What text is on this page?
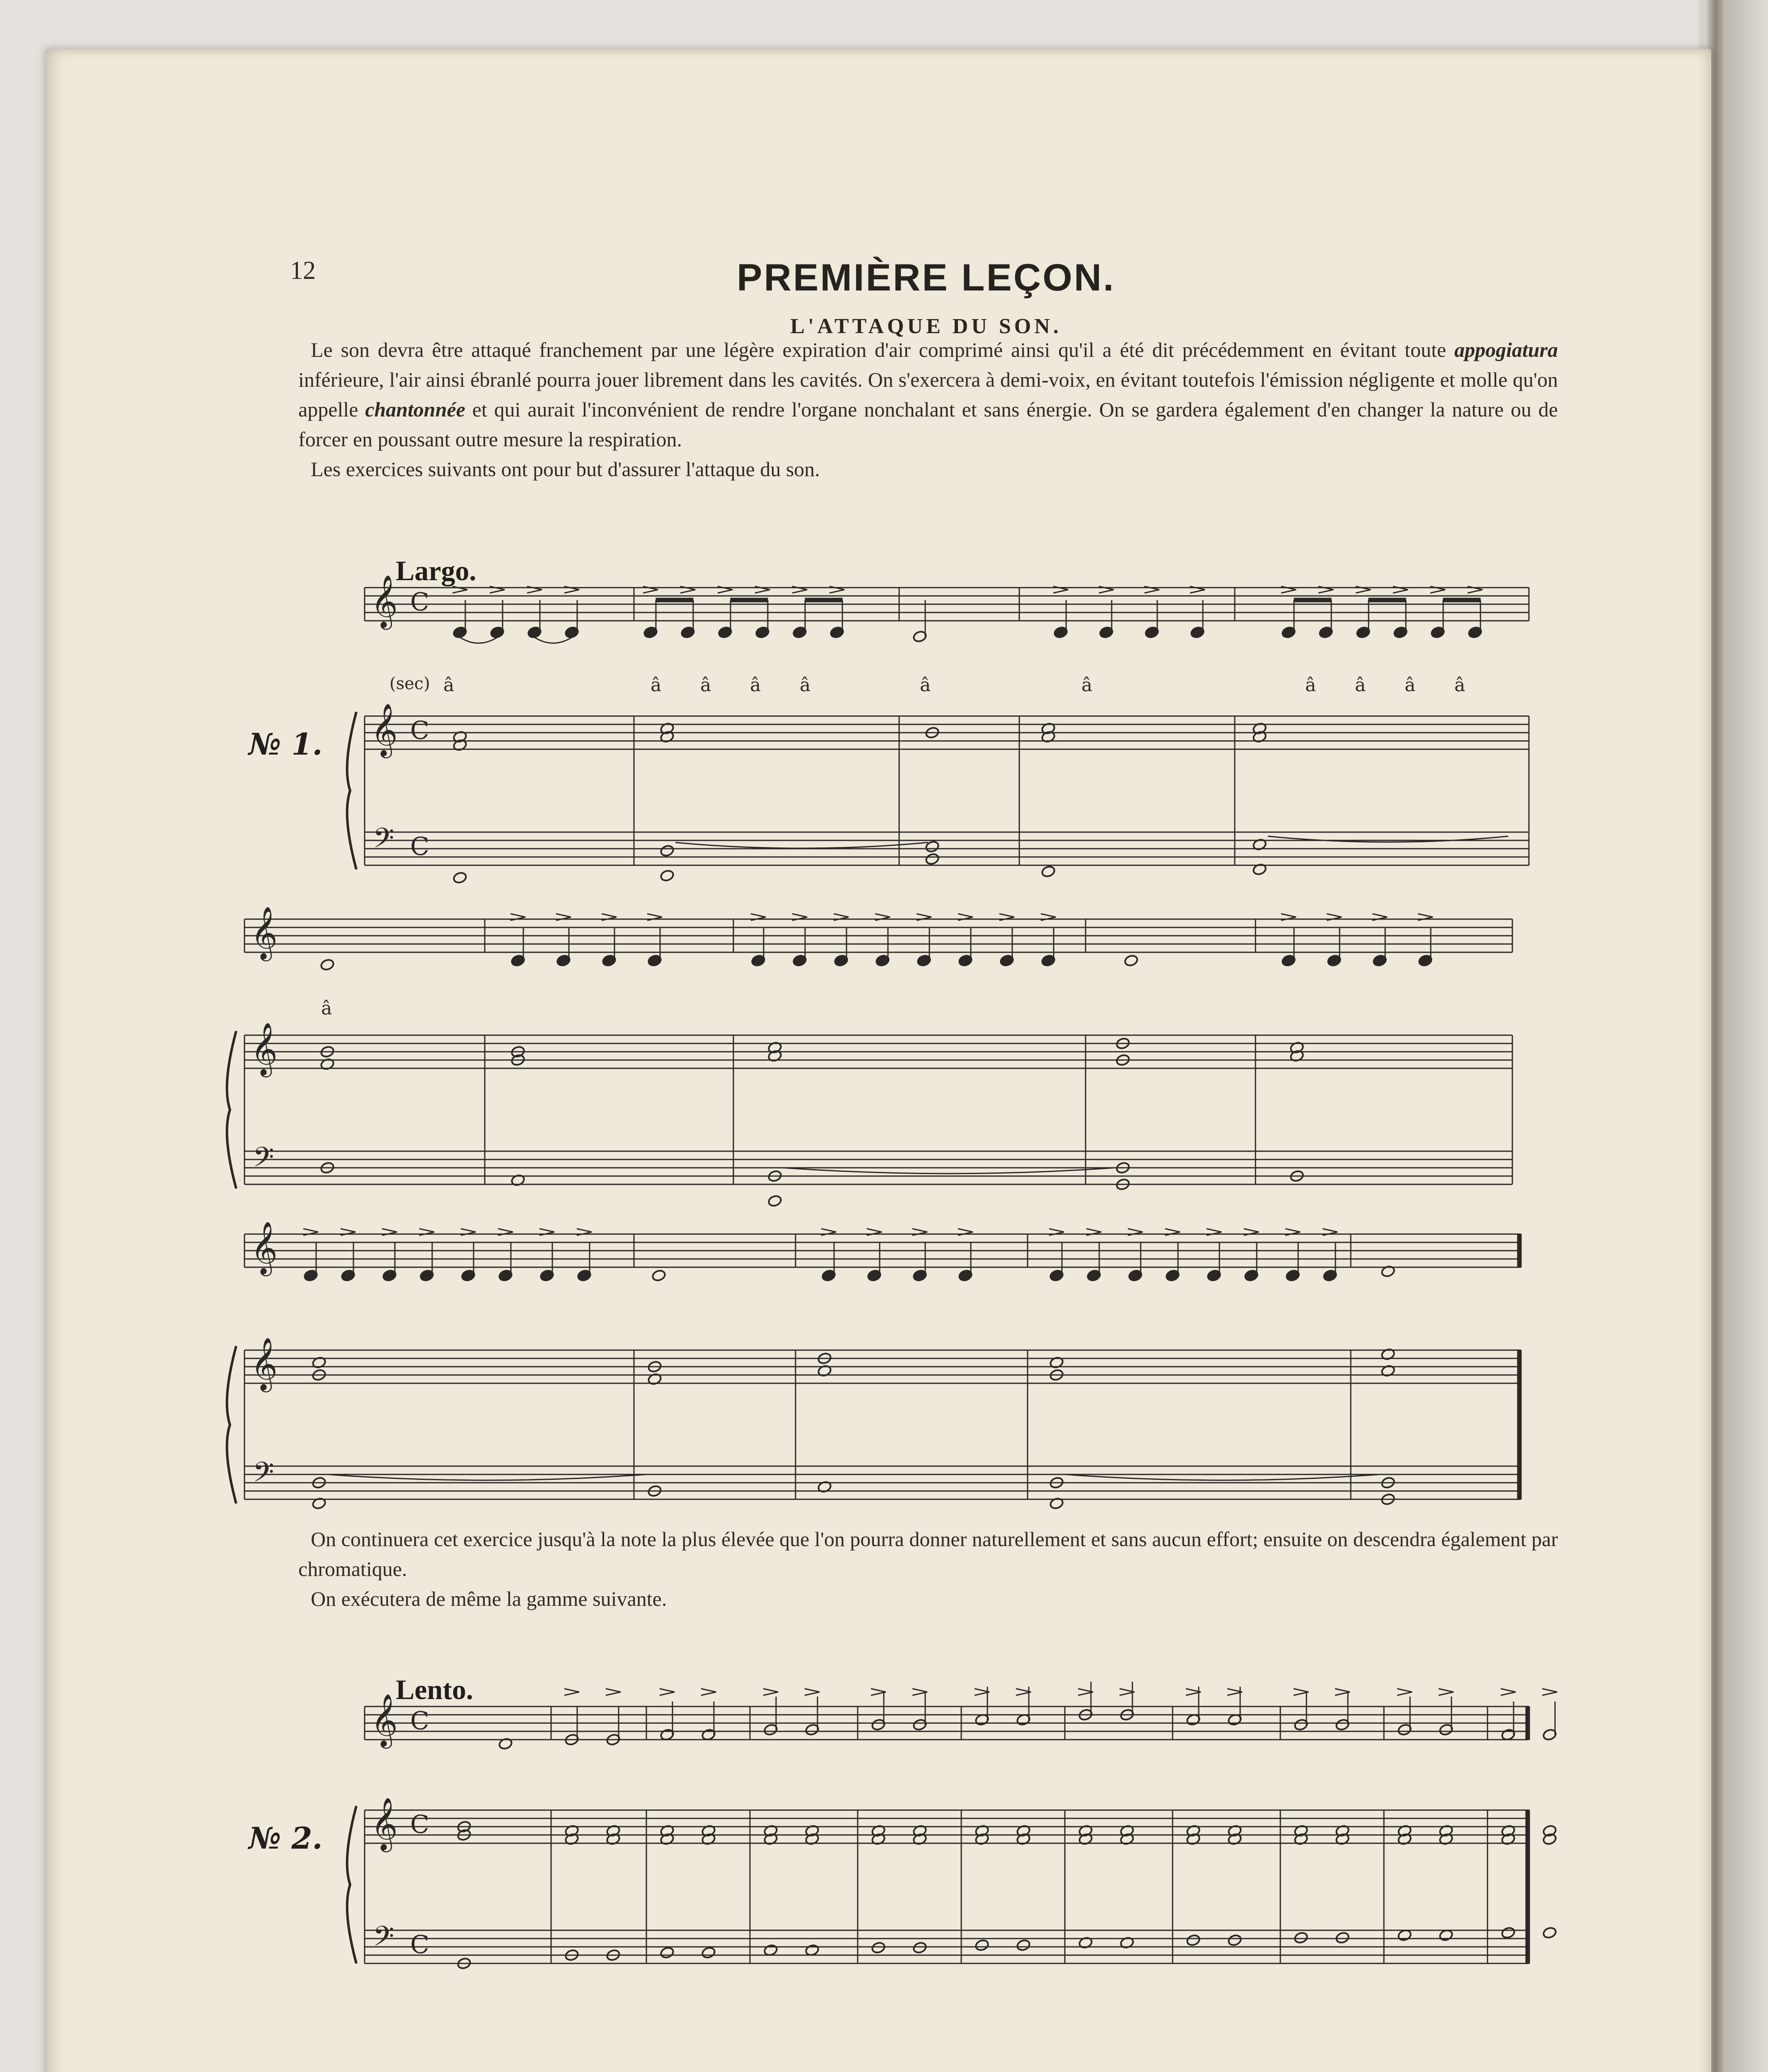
12	PREMIÈRE LEÇON.
L'ATTAQUE DU SON.
Le son devra être attaqué franchement par une légère expiration d'air comprimé ainsi qu'il a été dit précédemment en évitant toute appogiatura inférieure, l'air ainsi ébranlé pourra jouer librement dans les cavités. On s'exercera à demi-voix, en évitant toutefois l'émission négligente et molle qu'on appelle chantonnée et qui aurait l'inconvénient de rendre l'organe nonchalant et sans énergie. On se gardera également d'en changer la nature ou de forcer en poussant outre mesure la respiration.
Les exercices suivants ont pour but d'assurer l'attaque du son.
Largo.
№ 1.
On continuera cet exercice jusqu'à la note la plus élevée que l'on pourra donner naturellement et sans aucun effort; ensuite on descendra également par chromatique.
On exécutera de même la gamme suivante.
Lento.
№ 2.
𝄞
𝄞
𝄢
C
C
C
𝄞
𝄞
𝄢
𝄞
𝄞
𝄢
𝄞
𝄞
𝄢
C
C
C
(sec) â	â â â â	â	â	â â â â
â
